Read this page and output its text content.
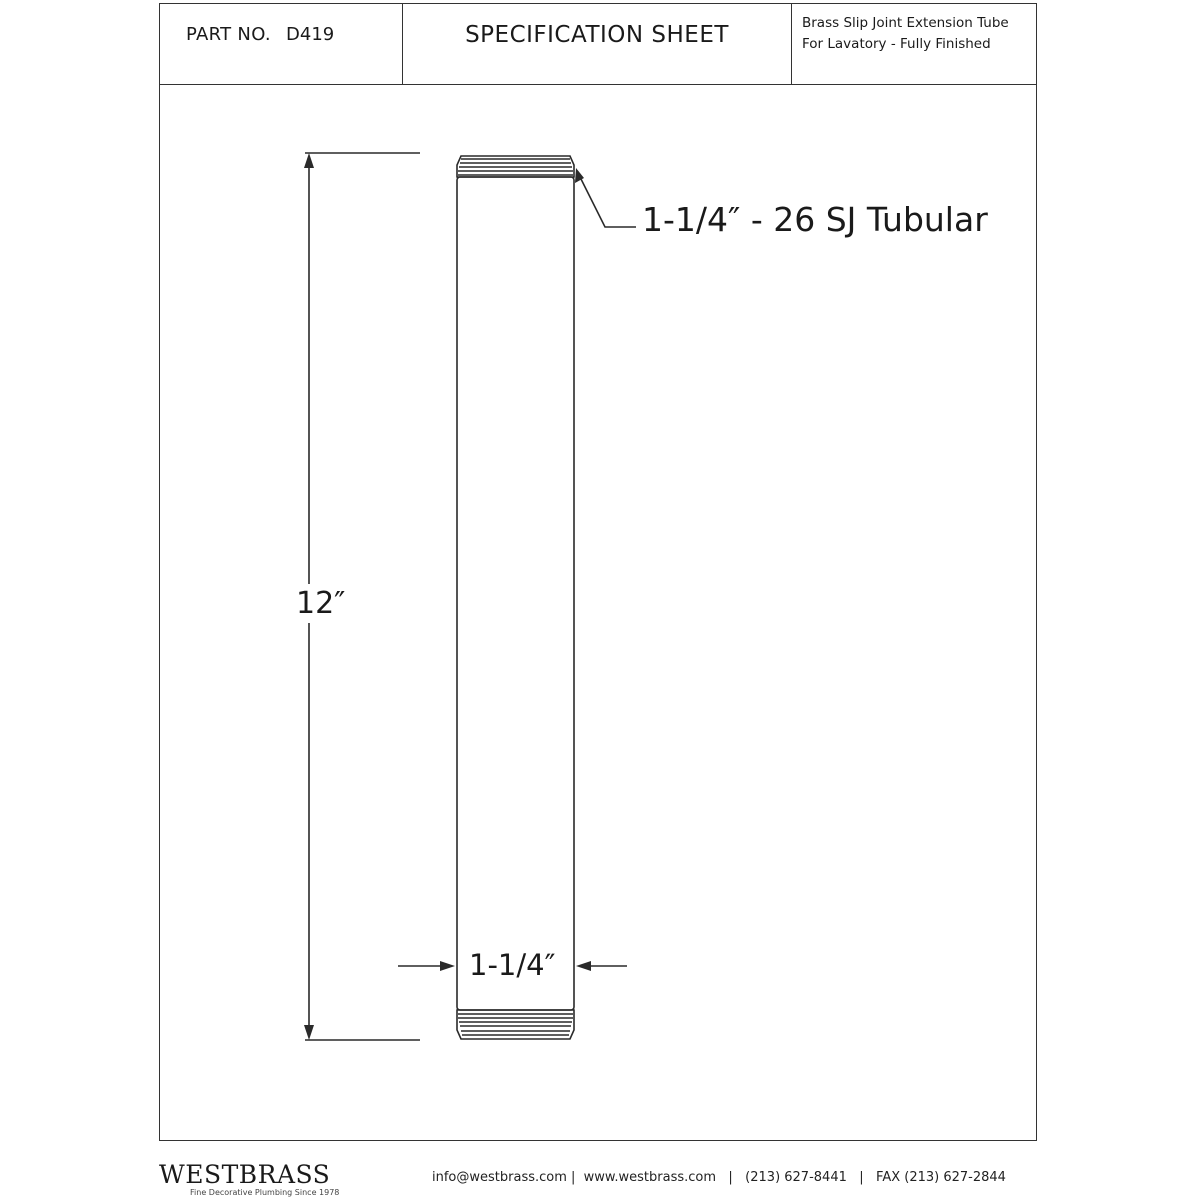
PART NO. D419	SPECIFICATION SHEET	Brass Slip Joint Extension Tube
For Lavatory - Fully Finished
1-1/4″ - 26 SJ Tubular
12″
1-1/4″
WESTBRASS
Fine Decorative Plumbing Since 1978
info@westbrass.com |  www.westbrass.com   |   (213) 627-8441   |   FAX (213) 627-2844
